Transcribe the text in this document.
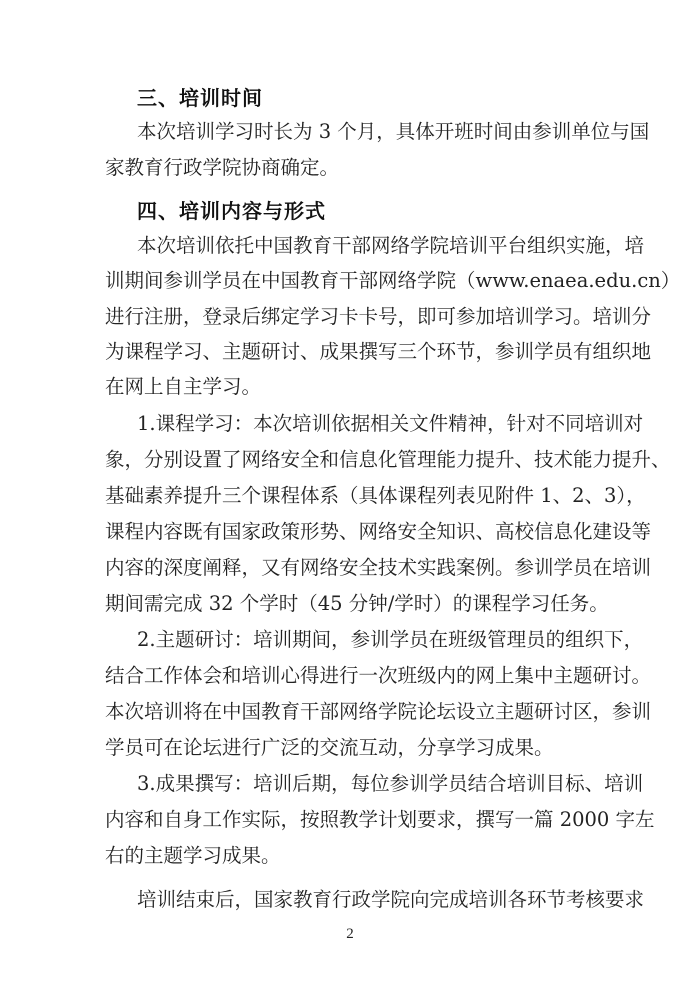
三、培训时间
本次培训学习时长为 3 个月，具体开班时间由参训单位与国
家教育行政学院协商确定。
四、培训内容与形式
本次培训依托中国教育干部网络学院培训平台组织实施，培
训期间参训学员在中国教育干部网络学院（www.enaea.edu.cn）
进行注册，登录后绑定学习卡卡号，即可参加培训学习。培训分
为课程学习、主题研讨、成果撰写三个环节，参训学员有组织地
在网上自主学习。
1.课程学习：本次培训依据相关文件精神，针对不同培训对
象，分别设置了网络安全和信息化管理能力提升、技术能力提升、
基础素养提升三个课程体系（具体课程列表见附件 1、2、3），
课程内容既有国家政策形势、网络安全知识、高校信息化建设等
内容的深度阐释，又有网络安全技术实践案例。参训学员在培训
期间需完成 32 个学时（45 分钟/学时）的课程学习任务。
2.主题研讨：培训期间，参训学员在班级管理员的组织下，
结合工作体会和培训心得进行一次班级内的网上集中主题研讨。
本次培训将在中国教育干部网络学院论坛设立主题研讨区，参训
学员可在论坛进行广泛的交流互动，分享学习成果。
3.成果撰写：培训后期，每位参训学员结合培训目标、培训
内容和自身工作实际，按照教学计划要求，撰写一篇 2000 字左
右的主题学习成果。
培训结束后，国家教育行政学院向完成培训各环节考核要求
2
